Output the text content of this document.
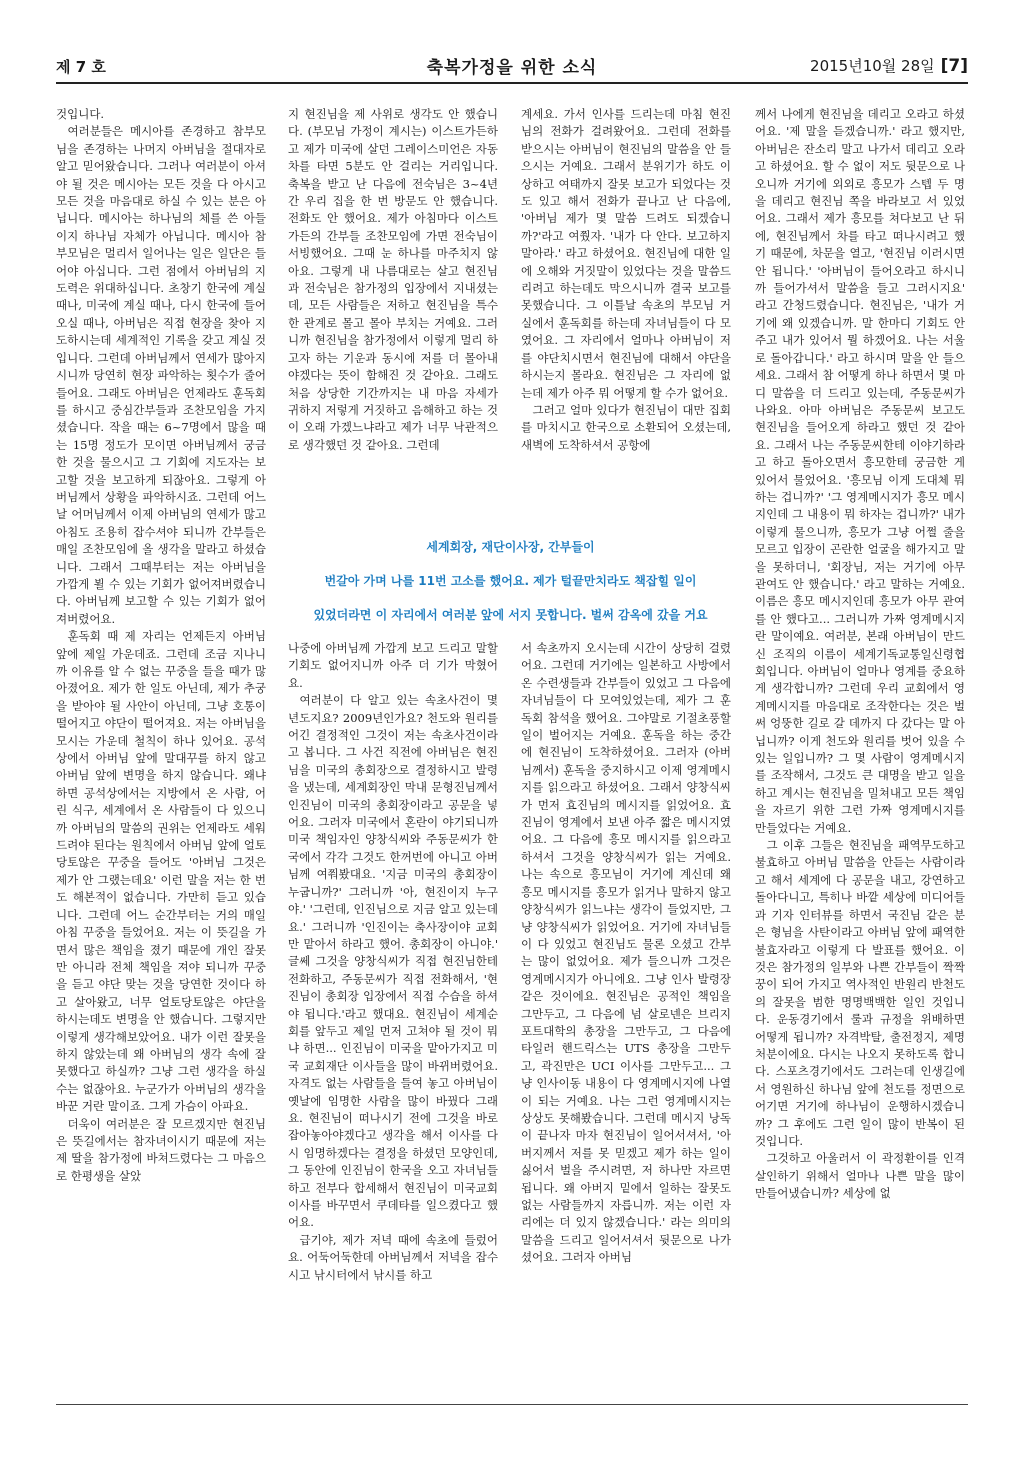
제 7 호	축복가정을 위한 소식	2015년10월 28일 [7]

것입니다.

여러분들은 메시아를 존경하고 참부모님을 존경하는 나머지 아버님을 절대자로 알고 믿어왔습니다. 그러나 여러분이 아셔야 될 것은 메시아는 모든 것을 다 아시고 모든 것을 마음대로 하실 수 있는 분은 아닙니다. 메시아는 하나님의 체를 쓴 아들이지 하나님 자체가 아닙니다. 메시아 참부모님은 멀리서 일어나는 일은 일단은 들어야 아십니다. 그런 점에서 아버님의 지도력은 위대하십니다. 초창기 한국에 계실 때나, 미국에 계실 때나, 다시 한국에 들어오실 때나, 아버님은 직접 현장을 찾아 지도하시는데 세계적인 기록을 갖고 계실 것입니다. 그런데 아버님께서 연세가 많아지시니까 당연히 현장 파악하는 횟수가 줄어들어요. 그래도 아버님은 언제라도 훈독회를 하시고 중심간부들과 조찬모임을 가지셨습니다. 작을 때는 6~7명에서 많을 때는 15명 정도가 모이면 아버님께서 궁금한 것을 물으시고 그 기회에 지도자는 보고할 것을 보고하게 되잖아요. 그렇게 아버님께서 상황을 파악하시죠. 그런데 어느 날 어머님께서 이제 아버님의 연세가 많고 아침도 조용히 잡수셔야 되니까 간부들은 매일 조찬모임에 올 생각을 말라고 하셨습니다. 그래서 그때부터는 저는 아버님을 가깝게 뵐 수 있는 기회가 없어져버렸습니다. 아버님께 보고할 수 있는 기회가 없어져버렸어요.

훈독회 때 제 자리는 언제든지 아버님 앞에 제일 가운데죠. 그런데 조금 지나니까 이유를 알 수 없는 꾸중을 들을 때가 많아졌어요. 제가 한 일도 아닌데, 제가 추궁을 받아야 될 사안이 아닌데, 그냥 호통이 떨어지고 야단이 떨어져요. 저는 아버님을 모시는 가운데 철칙이 하나 있어요. 공석상에서 아버님 앞에 말대꾸를 하지 않고 아버님 앞에 변명을 하지 않습니다. 왜냐하면 공석상에서는 지방에서 온 사람, 어린 식구, 세계에서 온 사람들이 다 있으니까 아버님의 말씀의 권위는 언제라도 세워드려야 된다는 원칙에서 아버님 앞에 얼토당토않은 꾸중을 들어도 '아버님 그것은 제가 안 그랬는데요' 이런 말을 저는 한 번도 해본적이 없습니다. 가만히 듣고 있습니다. 그런데 어느 순간부터는 거의 매일 아침 꾸중을 들었어요. 저는 이 뜻길을 가면서 많은 책임을 졌기 때문에 개인 잘못만 아니라 전체 책임을 져야 되니까 꾸중을 듣고 야단 맞는 것을 당연한 것이다 하고 살아왔고, 너무 얼토당토않은 야단을 하시는데도 변명을 안 했습니다. 그렇지만 이렇게 생각해보았어요. 내가 이런 잘못을 하지 않았는데 왜 아버님의 생각 속에 잘못했다고 하실까? 그냥 그런 생각을 하실 수는 없잖아요. 누군가가 아버님의 생각을 바꾼 거란 말이죠. 그게 가슴이 아파요.

더욱이 여러분은 잘 모르겠지만 현진님은 뜻길에서는 참자녀이시기 때문에 저는 제 딸을 참가정에 바쳐드렸다는 그 마음으로 한평생을 살았

지 현진님을 제 사위로 생각도 안 했습니다. (부모님 가정이 계시는) 이스트가든하고 제가 미국에 살던 그레이스미언은 자동차를 타면 5분도 안 걸리는 거리입니다. 축복을 받고 난 다음에 전숙님은 3~4년 간 우리 집을 한 번 방문도 안 했습니다. 전화도 안 했어요. 제가 아침마다 이스트가든의 간부들 조찬모임에 가면 전숙님이 서빙했어요. 그때 눈 하나를 마주치지 않아요. 그렇게 내 나름대로는 살고 현진님과 전숙님은 참가정의 입장에서 지내셨는데, 모든 사람들은 저하고 현진님을 특수한 관계로 몰고 몰아 부치는 거예요. 그러니까 현진님을 참가정에서 이렇게 멀리 하고자 하는 기운과 동시에 저를 더 몰아내야겠다는 뜻이 함해진 것 같아요. 그래도 처음 상당한 기간까지는 내 마음 자세가 귀하지 저렇게 거짓하고 음해하고 하는 것이 오래 가겠느냐라고 제가 너무 낙관적으로 생각했던 것 같아요. 그런데

계세요. 가서 인사를 드리는데 마침 현진님의 전화가 걸려왔어요. 그런데 전화를 받으시는 아버님이 현진님의 말씀을 안 들으시는 거예요. 그래서 분위기가 하도 이상하고 여태까지 잘못 보고가 되었다는 것도 있고 해서 전화가 끝나고 난 다음에, '아버님 제가 몇 말씀 드려도 되겠습니까?'라고 여쭸자. '내가 다 안다. 보고하지 말아라.' 라고 하셨어요. 현진님에 대한 일에 오해와 거짓말이 있었다는 것을 말씀드리려고 하는데도 막으시니까 결국 보고를 못했습니다. 그 이틀날 속초의 부모님 거실에서 훈독회를 하는데 자녀님들이 다 모였어요. 그 자리에서 얼마나 아버님이 저를 야단치시면서 현진님에 대해서 야단을 하시는지 몰라요. 현진님은 그 자리에 없는데 제가 아주 뭐 어떻게 할 수가 없어요.

그러고 얼마 있다가 현진님이 대만 집회를 마치시고 한국으로 소환되어 오셨는데, 새벽에 도착하셔서 공항에

세계회장, 재단이사장, 간부들이
번갈아 가며 나를 11번 고소를 했어요. 제가 털끝만치라도 책잡힐 일이
있었더라면 이 자리에서 여러분 앞에 서지 못합니다. 벌써 감옥에 갔을 거요

나중에 아버님께 가깝게 보고 드리고 말할 기회도 없어지니까 아주 더 기가 막혔어요.

여러분이 다 알고 있는 속초사건이 몇 년도지요? 2009년인가요? 천도와 원리를 어긴 결정적인 그것이 저는 속초사건이라고 봅니다. 그 사건 직전에 아버님은 현진님을 미국의 총회장으로 결정하시고 발령을 냈는데, 세계회장인 막내 문형진님께서 인진님이 미국의 총회장이라고 공문을 넣어요. 그러자 미국에서 혼란이 야기되니까 미국 책임자인 양창식씨와 주동문씨가 한국에서 각각 그것도 한꺼번에 아니고 아버님께 여쭤봤대요. '지금 미국의 총회장이 누굽니까?' 그러니까 '아, 현진이지 누구야.' '그런데, 인진님으로 지금 알고 있는데요.' 그러니까 '인진이는 축사장이야 교회만 맡아서 하라고 했어. 총회장이 아니야.' 글쎄 그것을 양창식씨가 직접 현진님한테 전화하고, 주동문씨가 직접 전화해서, '현진님이 총회장 입장에서 직접 수습을 하셔야 됩니다.'라고 했대요. 현진님이 세계순회를 앞두고 제일 먼저 고쳐야 될 것이 뭐냐 하면... 인진님이 미국을 맡아가지고 미국 교회재단 이사들을 많이 바뀌버렸어요. 자격도 없는 사람들을 들여 놓고 아버님이 옛날에 임명한 사람을 많이 바꿨다 그래요. 현진님이 떠나시기 전에 그것을 바로 잡아놓아야겠다고 생각을 해서 이사를 다시 임명하겠다는 결정을 하셨던 모양인데, 그 동안에 인진님이 한국을 오고 자녀님들하고 전부다 합세해서 현진님이 미국교회 이사를 바꾸면서 쿠데타를 일으켰다고 했어요.

급기야, 제가 저녁 때에 속초에 들렀어요. 어둑어둑한데 아버님께서 저녁을 잡수시고 낚시터에서 낚시를 하고

서 속초까지 오시는데 시간이 상당히 걸렸어요. 그런데 거기에는 일본하고 사방에서 온 수련생들과 간부들이 있었고 그 다음에 자녀님들이 다 모여있었는데, 제가 그 훈독회 참석을 했어요. 그야말로 기절초풍할 일이 벌어지는 거예요. 훈독을 하는 중간에 현진님이 도착하셨어요. 그러자 (아버님께서) 훈독을 중지하시고 이제 영계메시지를 읽으라고 하셨어요. 그래서 양창식씨가 먼저 효진님의 메시지를 읽었어요. 효진님이 영계에서 보낸 아주 짧은 메시지였어요. 그 다음에 흥모 메시지를 읽으라고 하셔서 그것을 양창식씨가 읽는 거예요. 나는 속으로 흥모님이 거기에 계신데 왜 흥모 메시지를 흥모가 읽거나 말하지 않고 양창식씨가 읽느냐는 생각이 들었지만, 그냥 양창식씨가 읽었어요. 거기에 자녀님들이 다 있었고 현진님도 물론 오셨고 간부는 많이 없었어요. 제가 들으니까 그것은 영계메시지가 아니에요. 그냥 인사 발령장 같은 것이에요. 현진님은 공적인 책임을 그만두고, 그 다음에 넘 살로넨은 브리지포트대학의 총장을 그만두고, 그 다음에 타일러 핸드릭스는 UTS 총장을 그만두고, 곽진만은 UCI 이사를 그만두고... 그냥 인사이동 내용이 다 영계메시지에 나열이 되는 거예요. 나는 그런 영계메시지는 상상도 못해봤습니다. 그런데 메시지 낭독이 끝나자 마자 현진님이 일어서셔서, '아버지께서 저를 못 믿겠고 제가 하는 일이 싫어서 벌을 주시려면, 저 하나만 자르면 됩니다. 왜 아버지 밑에서 일하는 잘못도 없는 사람들까지 자릅니까. 저는 이런 자리에는 더 있지 않겠습니다.' 라는 의미의 말씀을 드리고 일어서셔서 뒷문으로 나가셨어요. 그러자 아버님

께서 나에게 현진님을 데리고 오라고 하셨어요. '제 말을 듣겠습니까.' 라고 했지만, 아버님은 잔소리 말고 나가서 데리고 오라고 하셨어요. 할 수 없이 저도 뒷문으로 나오니까 거기에 외외로 흥모가 스텝 두 명을 데리고 현진님 쪽을 바라보고 서 있었어요. 그래서 제가 흥모를 쳐다보고 난 뒤에, 현진님께서 차를 타고 떠나시려고 했기 때문에, 차문을 열고, '현진님 이러시면 안 됩니다.' '아버님이 들어오라고 하시니까 들어가셔서 말씀을 들고 그러시지요' 라고 간청드렸습니다. 현진님은, '내가 거기에 왜 있겠습니까. 말 한마디 기회도 안 주고 내가 있어서 뭘 하겠어요. 나는 서울로 돌아갑니다.' 라고 하시며 말을 안 들으세요. 그래서 참 어떻게 하나 하면서 몇 마디 말씀을 더 드리고 있는데, 주동문씨가 나와요. 아마 아버님은 주동문씨 보고도 현진님을 들어오게 하라고 했던 것 같아요. 그래서 나는 주동문씨한테 이야기하라고 하고 돌아오면서 흥모한테 궁금한 게 있어서 물었어요. '흥모님 이게 도대체 뭐 하는 겁니까?' '그 영계메시지가 흥모 메시지인데 그 내용이 뭐 하자는 겁니까?' 내가 이렇게 물으니까, 흥모가 그냥 어쩔 줄을 모르고 입장이 곤란한 얼굴을 해가지고 말을 못하더니, '회장님, 저는 거기에 아무 관여도 안 했습니다.' 라고 말하는 거예요. 이름은 흥모 메시지인데 흥모가 아무 관여를 안 했다고... 그러니까 가짜 영계메시지란 말이예요. 여러분, 본래 아버님이 만드신 조직의 이름이 세계기독교통일신령협회입니다. 아버님이 얼마나 영계를 중요하게 생각합니까? 그런데 우리 교회에서 영계메시지를 마음대로 조작한다는 것은 벌써 엉뚱한 길로 갈 데까지 다 갔다는 말 아닙니까? 이게 천도와 원리를 벗어 있을 수 있는 일입니까? 그 몇 사람이 영계메시지를 조작해서, 그것도 큰 대명을 받고 일을 하고 계시는 현진님을 밀쳐내고 모든 책임을 자르기 위한 그런 가짜 영계메시지를 만들었다는 거예요.

그 이후 그들은 현진님을 패역무도하고 불효하고 아버님 말씀을 안듣는 사람이라고 해서 세계에 다 공문을 내고, 강연하고 돌아다니고, 특히나 바깥 세상에 미디어들과 기자 인터뷰를 하면서 국진님 같은 분은 형님을 사탄이라고 아버님 앞에 패역한 불효자라고 이렇게 다 발표를 했어요. 이것은 참가정의 일부와 나쁜 간부들이 짝짝꿍이 되어 가지고 역사적인 반원리 반천도의 잘못을 범한 명명백백한 일인 것입니다. 운동경기에서 룰과 규정을 위배하면 어떻게 됩니까? 자격박탈, 출전정지, 제명처분이에요. 다시는 나오지 못하도록 합니다. 스포츠경기에서도 그러는데 인생길에서 영원하신 하나님 앞에 천도를 정면으로 어기면 거기에 하나님이 운행하시겠습니까? 그 후에도 그런 일이 많이 반복이 된 것입니다.

그것하고 아울러서 이 곽정환이를 인격살인하기 위해서 얼마나 나쁜 말을 많이 만들어냈습니까? 세상에 없
